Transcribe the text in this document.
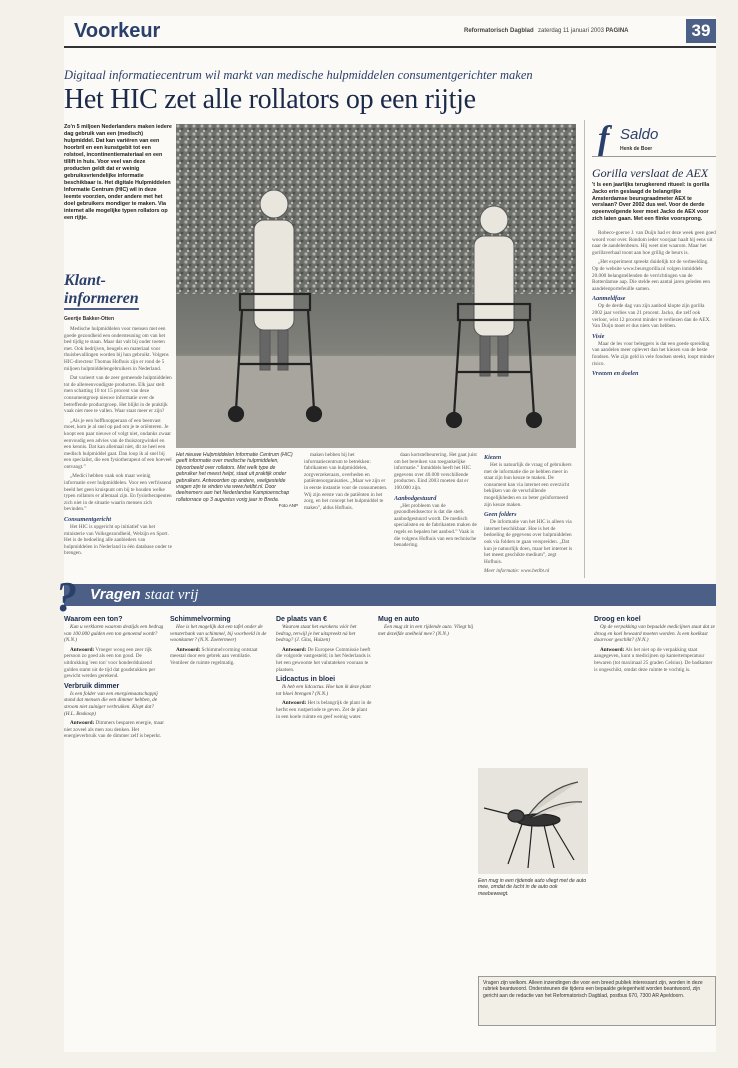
Voorkeur	Reformatorisch Dagblad zaterdag 11 januari 2003 PAGINA	39
Digitaal informatiecentrum wil markt van medische hulpmiddelen consumentgerichter maken
Het HIC zet alle rollators op een rijtje
Zo'n 5 miljoen Nederlanders maken iedere dag gebruik van een (medisch) hulpmiddel. Dat kan variëren van een hoorbril en een kunstgebit tot een rolstoel, incontinentiemateriaal en een tillift in huis. Voor veel van deze producten geldt dat er weinig gebruiksvriendelijke informatie beschikbaar is. Het digitale Hulpmiddelen Informatie Centrum (HIC) wil in deze leemte voorzien, onder andere met het doel gebruikers mondiger te maken. Via internet alle mogelijke typen rollators op een rijtje.
Klant-
informeren
Geertje Bakker-Otten

Medische hulpmiddelen voor mensen met een goede gezondheid een ondersteuning om van het bed tijdig te staan. Maar dat valt bij ouder toeten met. Ook bedrijven, beugels en materiaal voor thuisbevallingen worden bij hun gebruikt. Volgens HIC-directeur Thomas Hofhuis zijn er rond de 5 miljoen hulpmiddelengebruikers in Nederland.

Dat varieert van de zeer gemeende hulpmiddelen tot de allereenvoudigste producten. Elk jaar stelt men schatting 10 tot 15 procent van deze consumentgroep nieuwe informatie over de betreffende productgroep. Het blijkt in de praktijk vaak niet mee te vallen. Waar staat meer er zijn?

„Als je een hoffknopperaan of een beenvast moet, kom je al snel op pad om je te oriënteren. Je koopt een paar nieuwe of volgt niet, ondanks zwaar eenvoudig een advies van de thuiszorgwinkel en een kennis. Dat kan allemaal niet, dit ze heel een medisch hulpmiddel gaat. Dan loop ik al snel bij een specialist, die een fysiotherapeut of een hoeveel ontvangt.”

„Medici hebben vaak ook maar weinig informatie over hulpmiddelen. Voor een verfrissend beeld het geen kruispunt om bij te houden welke typen rollators er allemaal zijn. En fysiotherapeuten zich niet in de situatie waarin mensen zich bevinden.”

Consumentgericht

Het HIC is opgericht op initiatief van het ministerie van Volksgezondheid, Welzijn en Sport. Het is de bedoeling alle aanbieders van hulpmiddelen in Nederland in één database onder te brengen.

Het nieuwe Hulpmiddelen Informatie Centrum (HIC) geeft informatie over medische hulpmiddelen, bijvoorbeeld over rollators. Met welk type de gebruiker het meest helpt, staat uit praktijk onder gebruikers. Antwoorden op andere, veelgestelde vragen zijn te vinden via www.hetlbt.nl. Door deelnemers aan het Nederlandse Kampioenschap rollatorrace op 3 augustus vorig jaar in Breda.
Foto ANP

maken hebben bij het informatiecentrum te betrekken: fabrikanten van hulpmiddelen, zorgverzekeraars, overheden en patiëntenorganisaties. „Maar we zijn er in eerste instantie voor de consumenten. Wij zijn eerste van de patiënten in het zorg, en het concept het hulpmiddel te maken”, aldus Hofhuis.

daan kortstelbeurering. Het gaat juist om het bereiken van toegankelijke informatie.” Inmiddels heeft het HIC gegevens over 40.000 verschillende producten. Eind 2003 moeten dat er 100.000 zijn.

Aanbodgestuurd

„Het probleem van de gezondheidssector is dat die sterk aanbodgestuurd wordt. De medisch specialisten en de fabrikanten maken de regels en bepalen het aanbod.” Vaak is die volgens Hofhuis van een technische benadering.

Kiezen

Het is natuurlijk de vraag of gebruikers met de informatie die ze hebben meer in staat zijn hun keuze te maken. De consument kan via internet een overzicht bekijken van de verschillende mogelijkheden en zo beter geïnformeerd zijn keuze maken.

Geen folders

De informatie van het HIC is alleen via internet beschikbaar. Hoe is het de bedoeling de gegevens over hulpmiddelen ook via folders te gaan verspreiden. „Dat kun je natuurlijk doen, maar het internet is het meest geschikte medium”, zegt Hofhuis.

Meer informatie: www.hetlbt.nl

f Saldo
Henk de Boer
Gorilla verslaat de AEX
't Is een jaarlijks terugkerend ritueel: is gorilla Jacko erin geslaagd de belangrijke Amsterdamse beursgraadmeter AEX te verslaan? Over 2002 dus wel. Voor de derde opeenvolgende keer moet Jacko de AEX voor zich laten gaan. Met een flinke voorsprong.

Robeco-goeroe J. van Duijn had er deze week geen goed woord voor over. Rondom ieder voorjaar haalt hij eens uit naar de aandelenbeurs. Hij weet niet waarom. Maar het gorillaverhaal toont aan hoe grillig de beurs is.

„Het experiment spreekt duidelijk tot de verbeelding. Op de website www.beursgorilla.nl volgen inmiddels 20.000 belangstellenden de verrichtingen van de Rotterdamse aap. Die stelde een aantal jaren geleden een aandelenportefeuille samen.

Aanmeldfase

Op de derde dag van zijn aanbod klopte zijn gorilla 2002 jaar verlies van 21 procent. Jacko, die zelf ook verloor, wist 12 procent minder te verliezen dan de AEX. Van Duijn moet er dus niets van hebben.

Visie

Maar de les voor beleggers is dat een goede spreiding van aandelen meer oplevert dan het kiezen van de beste fondsen. Wie zijn geld in vele fondsen steekt, loopt minder risico.

Vreezen en doelen
? Vragen staat vrij
Waarom een ton?

Kun u verklaren waarom destijds een bedrag van 100.000 gulden een ton genoemd wordt? (N.N.)

Antwoord: Vroeger woog een zeer rijk persoon zo goed als een ton goud. De uitdrukking 'een ton' voor honderdduizend gulden stamt uit de tijd dat goudstukken per gewicht werden gerekend.

Verbruik dimmer

Is een folder van een energiemaatschappij stond dat mensen die een dimmer hebben, de stroom niet zuiniger verbruiken. Klopt dat? (H.L. Boskoop)

Antwoord: Dimmers besparen energie, maar niet zoveel als men zou denken. Het energieverbruik van de dimmer zelf is beperkt.

Schimmelvorming

Hoe is het mogelijk dat een tafel onder de vensterbank van schimmel, bij voorbeeld in de woonkamer? (N.N. Zoetermeer)

Antwoord: Schimmelvorming ontstaat meestal door een gebrek aan ventilatie. Ventileer de ruimte regelmatig.

De plaats van €

Waarom staat het eurokens vóór het bedrag, terwijl je het uitspreekt ná het bedrag? (J. Glas, Huizen)

Antwoord: De Europese Commissie heeft die volgorde vastgesteld; in het Nederlands is het een gewoonte het valutateken vooraan te plaatsen.

Lidcactus in bloei

Ik heb een lidcactus. Hoe kan ik deze plant tot bloei brengen? (N.N.)

Antwoord: Het is belangrijk de plant in de herfst een rustperiode te geven. Zet de plant in een koele ruimte en geef weinig water.

Mug en auto

Een mug zit in een rijdende auto. Vliegt hij met dezelfde snelheid mee? (N.N.)

Een mug in een rijdende auto vliegt met de auto mee, omdat de lucht in de auto ook meebeweegt.
Droog en koel

Op de verpakking van bepaalde medicijnen staat dat ze droog en koel bewaard moeten worden. Is een koelkast daarvoor geschikt? (N.N.)

Antwoord: Als het niet op de verpakking staat aangegeven, kunt u medicijnen op kamertemperatuur bewaren (tot maximaal 25 graden Celsius). De badkamer is ongeschikt, omdat deze ruimte te vochtig is.

Vragen zijn welkom. Alleen inzendingen die voor een breed publiek interessant zijn, worden in deze rubriek beantwoord. Ondersteunen die tijdens een bepaalde gelegenheid worden beantwoord, zijn gericht aan de redactie van het Reformatorisch Dagblad, postbus 670, 7300 AR Apeldoorn.
